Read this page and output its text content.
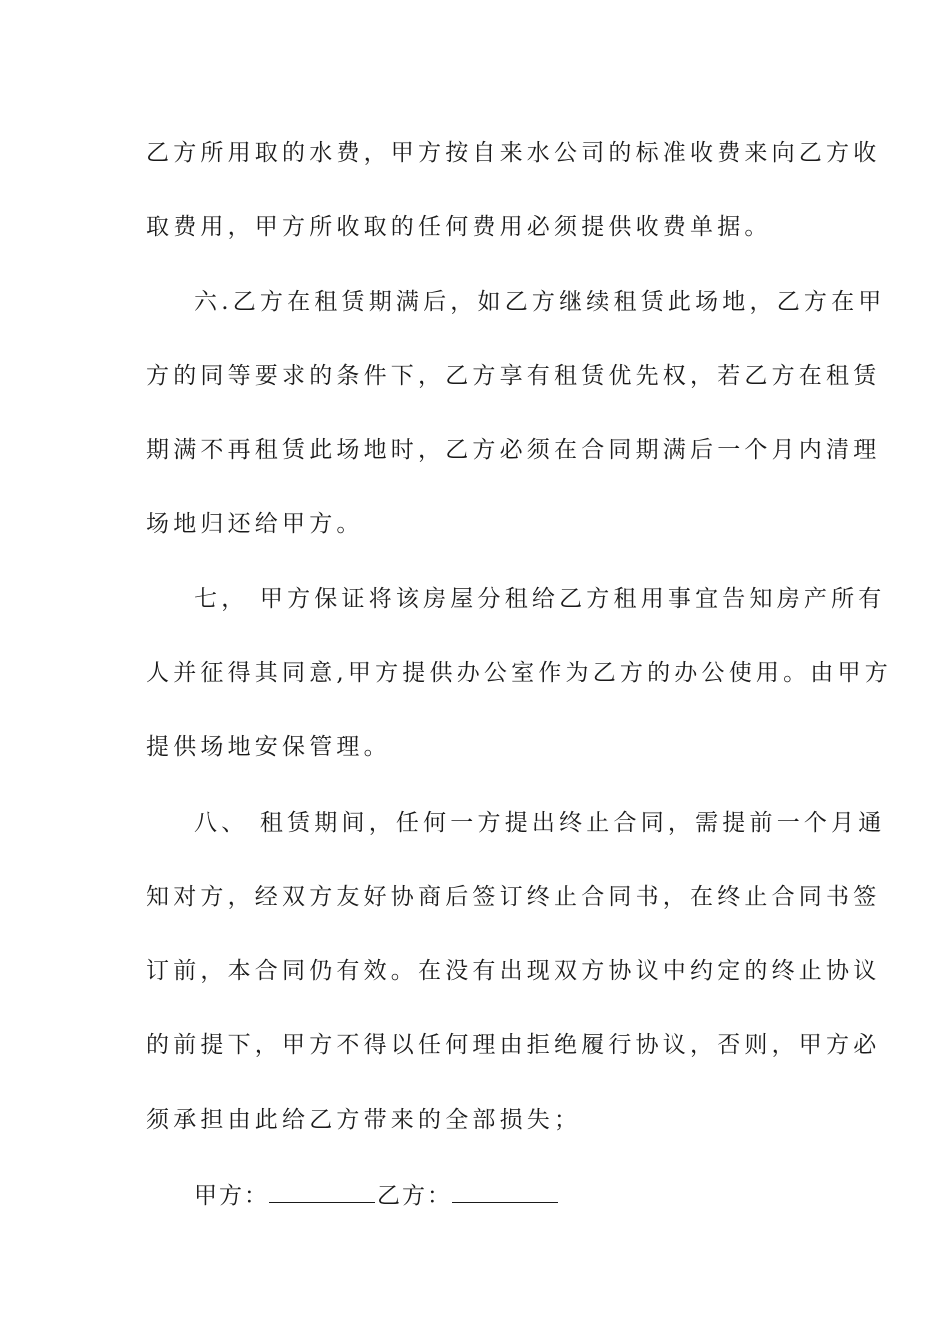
乙方所用取的水费，甲方按自来水公司的标准收费来向乙方收
取费用，甲方所收取的任何费用必须提供收费单据。
六.乙方在租赁期满后，如乙方继续租赁此场地，乙方在甲
方的同等要求的条件下，乙方享有租赁优先权，若乙方在租赁
期满不再租赁此场地时，乙方必须在合同期满后一个月内清理
场地归还给甲方。
七， 甲方保证将该房屋分租给乙方租用事宜告知房产所有
人并征得其同意,甲方提供办公室作为乙方的办公使用。由甲方
提供场地安保管理。
八、 租赁期间，任何一方提出终止合同，需提前一个月通
知对方，经双方友好协商后签订终止合同书，在终止合同书签
订前，本合同仍有效。在没有出现双方协议中约定的终止协议
的前提下，甲方不得以任何理由拒绝履行协议，否则，甲方必
须承担由此给乙方带来的全部损失；
甲方：	乙方：
